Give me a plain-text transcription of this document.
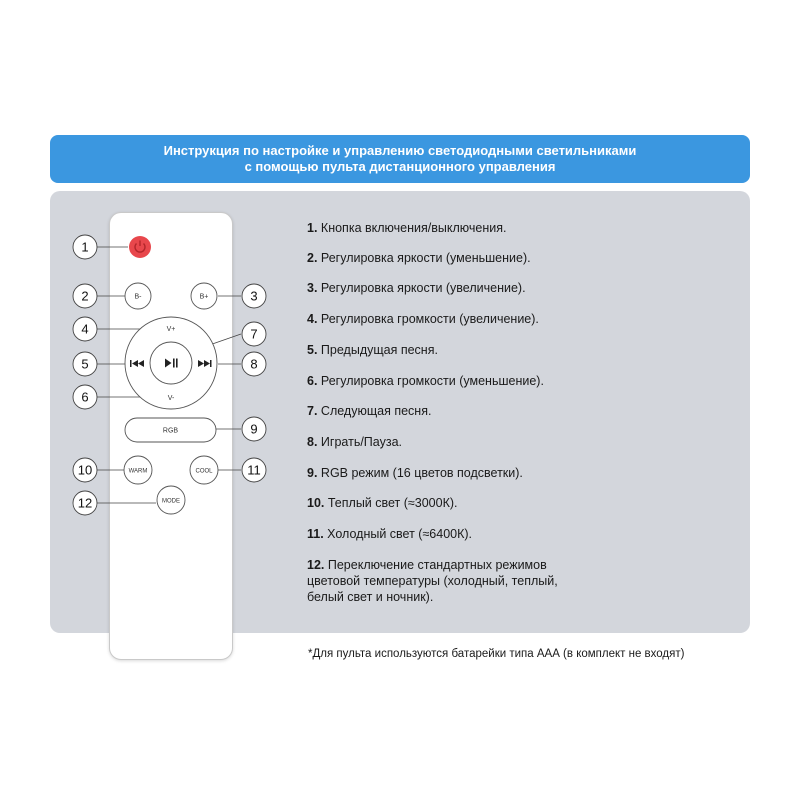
Инструкция по настройке и управлению светодиодными светильниками
с помощью пульта дистанционного управления
B-	B+
V+
V-
RGB
WARM	COOL
MODE
1
2	3
4
5
6
7
8
9
10	11
12
1. Кнопка включения/выключения.
2. Регулировка яркости (уменьшение).
3. Регулировка яркости (увеличение).
4. Регулировка громкости (увеличение).
5. Предыдущая песня.
6. Регулировка громкости (уменьшение).
7. Следующая песня.
8. Играть/Пауза.
9. RGB режим (16 цветов подсветки).
10. Теплый свет (≈3000К).
11. Холодный свет (≈6400К).
12. Переключение стандартных режимов цветовой температуры (холодный, теплый, белый свет и ночник).
*Для пульта используются батарейки типа ААА (в комплект не входят)
